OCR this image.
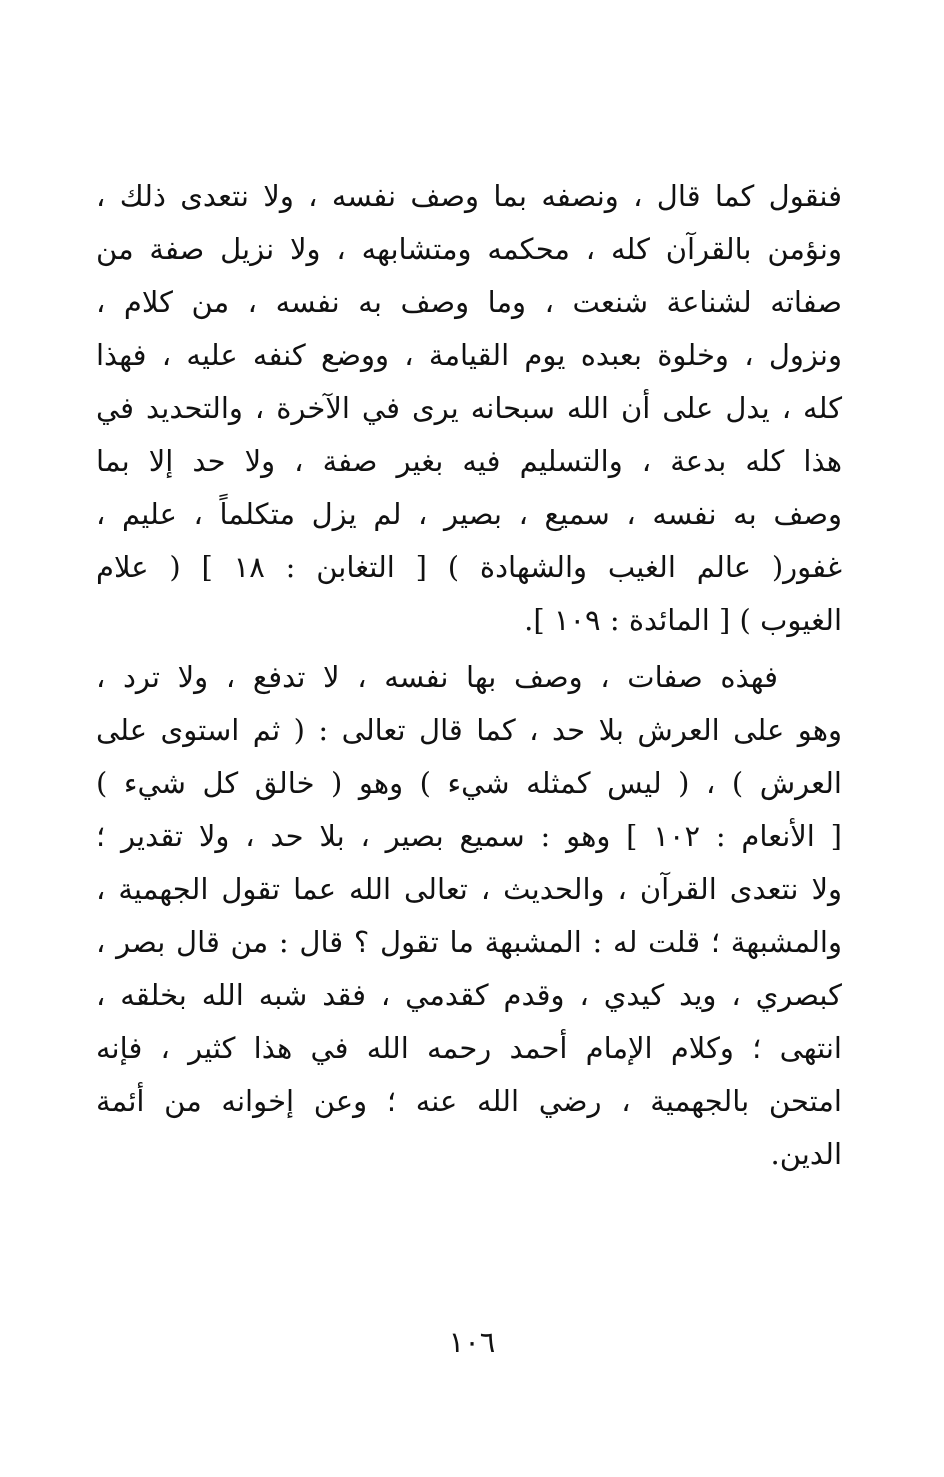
فنقول كما قال ، ونصفه بما وصف نفسه ، ولا نتعدى ذلك ،
ونؤمن بالقرآن كله ، محكمه ومتشابهه ، ولا نزيل صفة من
صفاته لشناعة شنعت ، وما وصف به نفسه ، من كلام ،
ونزول ، وخلوة بعبده يوم القيامة ، ووضع كنفه عليه ، فهذا
كله ، يدل على أن الله سبحانه يرى في الآخرة ، والتحديد في
هذا كله بدعة ، والتسليم فيه بغير صفة ، ولا حد إلا بما
وصف به نفسه ، سميع ، بصير ، لم يزل متكلماً ، عليم ،
غفور( عالم الغيب والشهادة ) [ التغابن : ١٨ ] ( علام
الغيوب ) [ المائدة : ١٠٩ ].
فهذه صفات ، وصف بها نفسه ، لا تدفع ، ولا ترد ،
وهو على العرش بلا حد ، كما قال تعالى : ( ثم استوى على
العرش ) ، ( ليس كمثله شيء ) وهو ( خالق كل شيء )
[ الأنعام : ١٠٢ ] وهو : سميع بصير ، بلا حد ، ولا تقدير ؛
ولا نتعدى القرآن ، والحديث ، تعالى الله عما تقول الجهمية ،
والمشبهة ؛ قلت له : المشبهة ما تقول ؟ قال : من قال بصر ،
كبصري ، ويد كيدي ، وقدم كقدمي ، فقد شبه الله بخلقه ،
انتهى ؛ وكلام الإمام أحمد رحمه الله في هذا كثير ، فإنه
امتحن بالجهمية ، رضي الله عنه ؛ وعن إخوانه من أئمة
الدين.
١٠٦
